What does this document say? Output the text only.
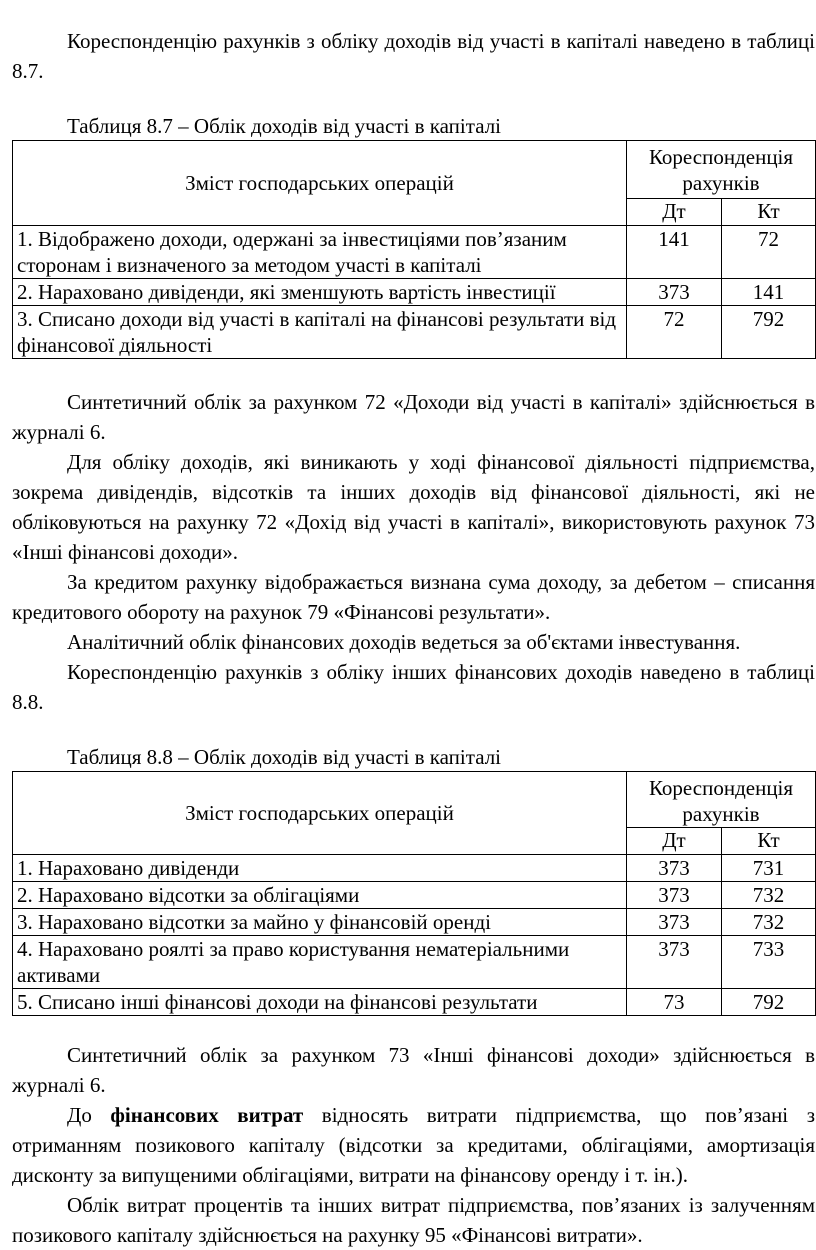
Кореспонденцію рахунків з обліку доходів від участі в капіталі наведено в таблиці 8.7.

Таблиця 8.7 – Облік доходів від участі в капіталі
Зміст господарських операцій	Кореспонденція рахунків	
	Дт	Кт
1. Відображено доходи, одержані за інвестиціями пов’язаним сторонам і визначеного за методом участі в капіталі	141	72
2. Нараховано дивіденди, які зменшують вартість інвестиції	373	141
3. Списано доходи від участі в капіталі на фінансові результати від фінансової діяльності	72	792

Синтетичний облік за рахунком 72 «Доходи від участі в капіталі» здійснюється в журналі 6.

Для обліку доходів, які виникають у ході фінансової діяльності підприємства, зокрема дивідендів, відсотків та інших доходів від фінансової діяльності, які не обліковуються на рахунку 72 «Дохід від участі в капіталі», використовують рахунок 73 «Інші фінансові доходи».

За кредитом рахунку відображається визнана сума доходу, за дебетом – списання кредитового обороту на рахунок 79 «Фінансові результати».

Аналітичний облік фінансових доходів ведеться за об'єктами інвестування.

Кореспонденцію рахунків з обліку інших фінансових доходів наведено в таблиці 8.8.

Таблиця 8.8 – Облік доходів від участі в капіталі
Зміст господарських операцій	Кореспонденція рахунків	
	Дт	Кт
1. Нараховано дивіденди	373	731
2. Нараховано відсотки за облігаціями	373	732
3. Нараховано відсотки за майно у фінансовій оренді	373	732
4. Нараховано роялті за право користування нематеріальними активами	373	733
5. Списано інші фінансові доходи на фінансові результати	73	792

Синтетичний облік за рахунком 73 «Інші фінансові доходи» здійснюється в журналі 6.

До фінансових витрат відносять витрати підприємства, що пов’язані з отриманням позикового капіталу (відсотки за кредитами, облігаціями, амортизація дисконту за випущеними облігаціями, витрати на фінансову оренду і т. ін.).

Облік витрат процентів та інших витрат підприємства, пов’язаних із залученням позикового капіталу здійснюється на рахунку 95 «Фінансові витрати».
